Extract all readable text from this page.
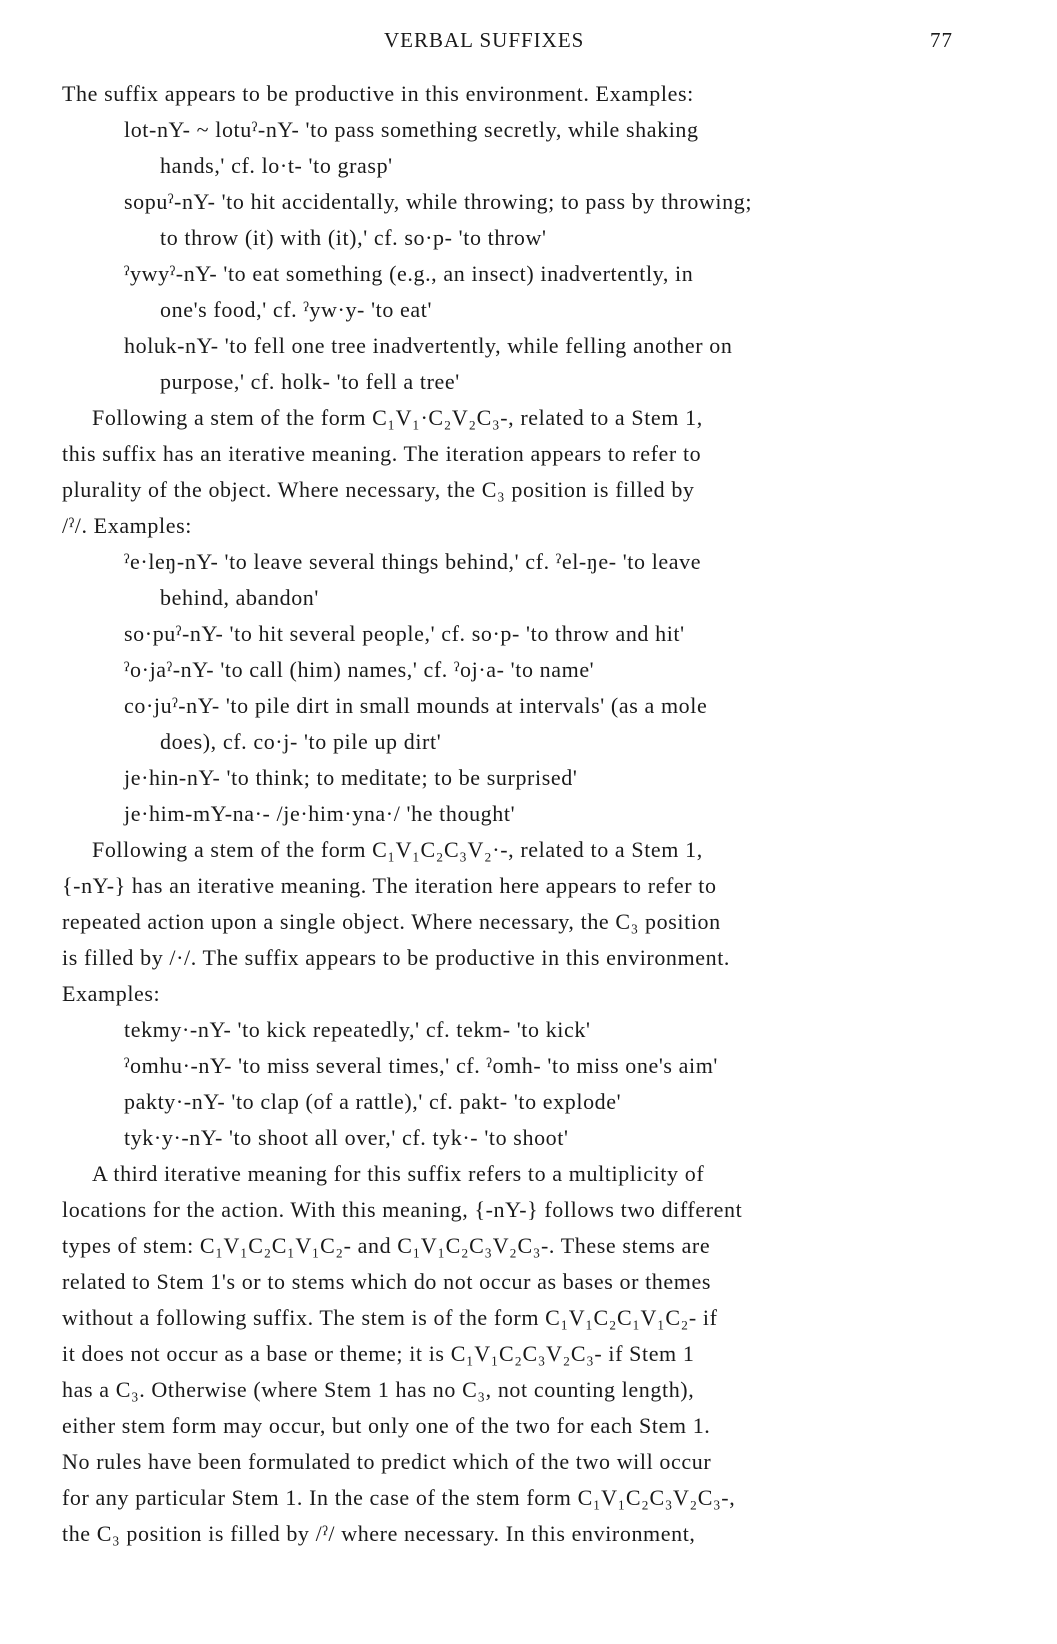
VERBAL SUFFIXES	77
The suffix appears to be productive in this environment. Examples:
lot-nY- ~ lotuˀ-nY- 'to pass something secretly, while shaking
hands,' cf. lo·t- 'to grasp'
sopuˀ-nY- 'to hit accidentally, while throwing; to pass by throwing;
to throw (it) with (it),' cf. so·p- 'to throw'
ˀywyˀ-nY- 'to eat something (e.g., an insect) inadvertently, in
one's food,' cf. ˀyw·y- 'to eat'
holuk-nY- 'to fell one tree inadvertently, while felling another on
purpose,' cf. holk- 'to fell a tree'
Following a stem of the form C₁V₁·C₂V₂C₃-, related to a Stem 1,
this suffix has an iterative meaning. The iteration appears to refer to
plurality of the object. Where necessary, the C₃ position is filled by
/ˀ/. Examples:
ˀe·leŋ-nY- 'to leave several things behind,' cf. ˀel-ŋe- 'to leave
behind, abandon'
so·puˀ-nY- 'to hit several people,' cf. so·p- 'to throw and hit'
ˀo·jaˀ-nY- 'to call (him) names,' cf. ˀoj·a- 'to name'
co·juˀ-nY- 'to pile dirt in small mounds at intervals' (as a mole
does), cf. co·j- 'to pile up dirt'
je·hin-nY- 'to think; to meditate; to be surprised'
je·him-mY-na·- /je·him·yna·/ 'he thought'
Following a stem of the form C₁V₁C₂C₃V₂·-, related to a Stem 1,
{-nY-} has an iterative meaning. The iteration here appears to refer to
repeated action upon a single object. Where necessary, the C₃ position
is filled by /·/. The suffix appears to be productive in this environment.
Examples:
tekmy·-nY- 'to kick repeatedly,' cf. tekm- 'to kick'
ˀomhu·-nY- 'to miss several times,' cf. ˀomh- 'to miss one's aim'
pakty·-nY- 'to clap (of a rattle),' cf. pakt- 'to explode'
tyk·y·-nY- 'to shoot all over,' cf. tyk·- 'to shoot'
A third iterative meaning for this suffix refers to a multiplicity of
locations for the action. With this meaning, {-nY-} follows two different
types of stem: C₁V₁C₂C₁V₁C₂- and C₁V₁C₂C₃V₂C₃-. These stems are
related to Stem 1's or to stems which do not occur as bases or themes
without a following suffix. The stem is of the form C₁V₁C₂C₁V₁C₂- if
it does not occur as a base or theme; it is C₁V₁C₂C₃V₂C₃- if Stem 1
has a C₃. Otherwise (where Stem 1 has no C₃, not counting length),
either stem form may occur, but only one of the two for each Stem 1.
No rules have been formulated to predict which of the two will occur
for any particular Stem 1. In the case of the stem form C₁V₁C₂C₃V₂C₃-,
the C₃ position is filled by /ˀ/ where necessary. In this environment,
